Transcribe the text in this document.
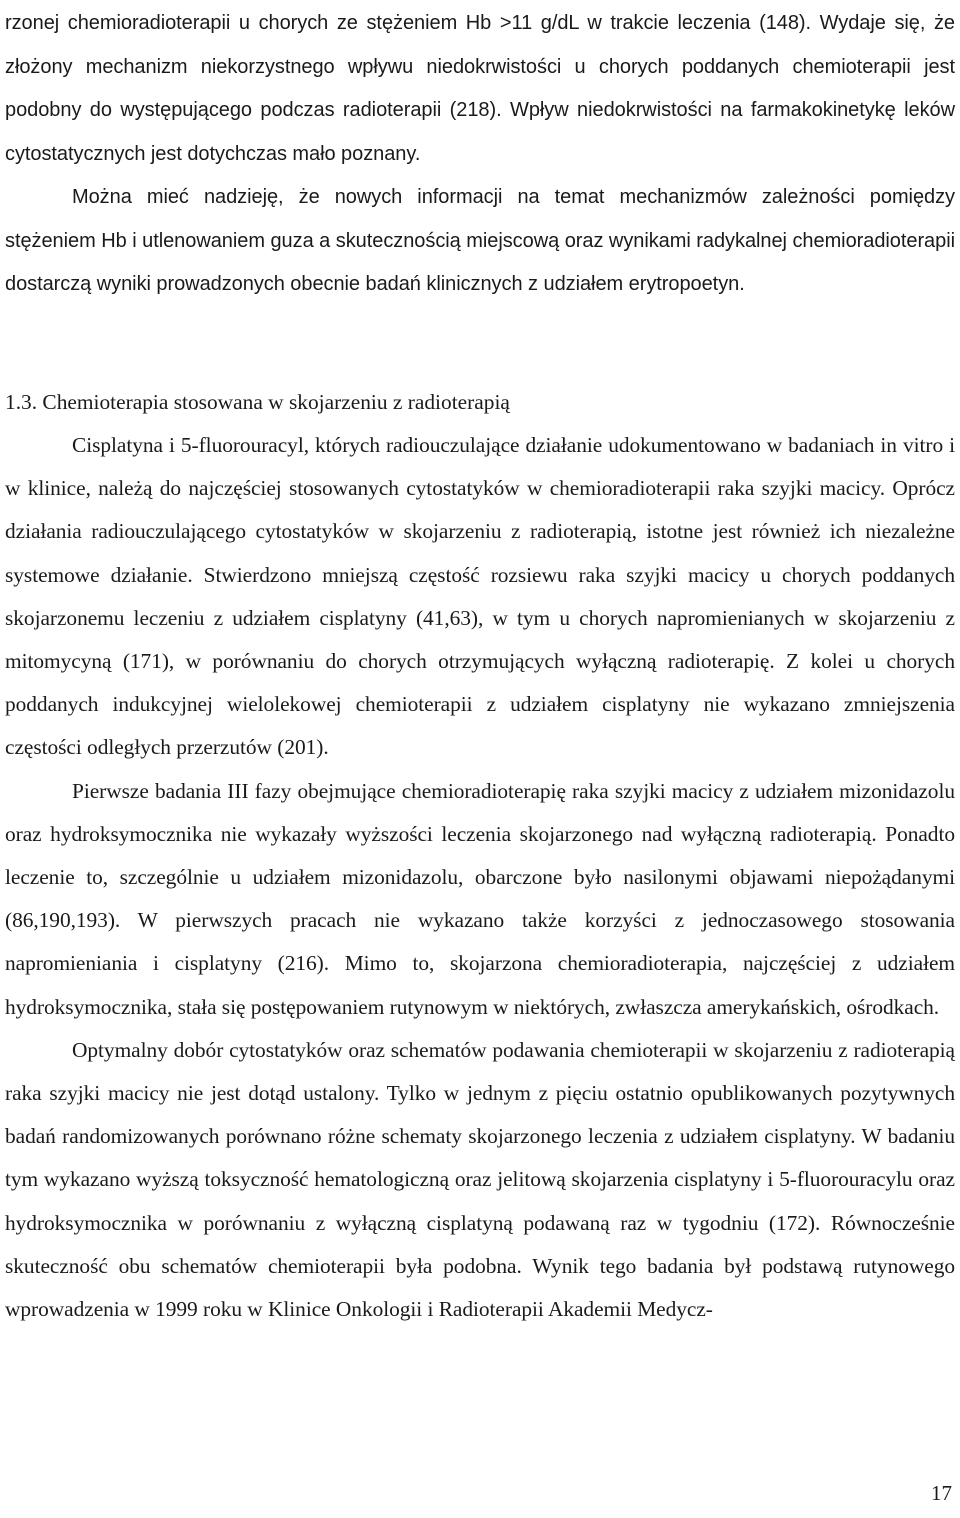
rzonej chemioradioterapii u chorych ze stężeniem Hb >11 g/dL w trakcie leczenia (148). Wydaje się, że złożony mechanizm niekorzystnego wpływu niedokrwistości u chorych poddanych chemioterapii jest podobny do występującego podczas radioterapii (218). Wpływ niedokrwistości na farmakokinetykę leków cytostatycznych jest dotychczas mało poznany.

Można mieć nadzieję, że nowych informacji na temat mechanizmów zależności pomiędzy stężeniem Hb i utlenowaniem guza a skutecznością miejscową oraz wynikami radykalnej chemioradioterapii dostarczą wyniki prowadzonych obecnie badań klinicznych z udziałem erytropoetyn.

1.3. Chemioterapia stosowana w skojarzeniu z radioterapią

Cisplatyna i 5-fluorouracyl, których radiouczulające działanie udokumentowano w badaniach in vitro i w klinice, należą do najczęściej stosowanych cytostatyków w chemioradioterapii raka szyjki macicy. Oprócz działania radiouczulającego cytostatyków w skojarzeniu z radioterapią, istotne jest również ich niezależne systemowe działanie. Stwierdzono mniejszą częstość rozsiewu raka szyjki macicy u chorych poddanych skojarzonemu leczeniu z udziałem cisplatyny (41,63), w tym u chorych napromienianych w skojarzeniu z mitomycyną (171), w porównaniu do chorych otrzymujących wyłączną radioterapię. Z kolei u chorych poddanych indukcyjnej wielolekowej chemioterapii z udziałem cisplatyny nie wykazano zmniejszenia częstości odległych przerzutów (201).

Pierwsze badania III fazy obejmujące chemioradioterapię raka szyjki macicy z udziałem mizonidazolu oraz hydroksymocznika nie wykazały wyższości leczenia skojarzonego nad wyłączną radioterapią. Ponadto leczenie to, szczególnie u udziałem mizonidazolu, obarczone było nasilonymi objawami niepożądanymi (86,190,193). W pierwszych pracach nie wykazano także korzyści z jednoczasowego stosowania napromieniania i cisplatyny (216). Mimo to, skojarzona chemioradioterapia, najczęściej z udziałem hydroksymocznika, stała się postępowaniem rutynowym w niektórych, zwłaszcza amerykańskich, ośrodkach.

Optymalny dobór cytostatyków oraz schematów podawania chemioterapii w skojarzeniu z radioterapią raka szyjki macicy nie jest dotąd ustalony. Tylko w jednym z pięciu ostatnio opublikowanych pozytywnych badań randomizowanych porównano różne schematy skojarzonego leczenia z udziałem cisplatyny. W badaniu tym wykazano wyższą toksyczność hematologiczną oraz jelitową skojarzenia cisplatyny i 5-fluorouracylu oraz hydroksymocznika w porównaniu z wyłączną cisplatyną podawaną raz w tygodniu (172). Równocześnie skuteczność obu schematów chemioterapii była podobna. Wynik tego badania był podstawą rutynowego wprowadzenia w 1999 roku w Klinice Onkologii i Radioterapii Akademii Medycz-

17
